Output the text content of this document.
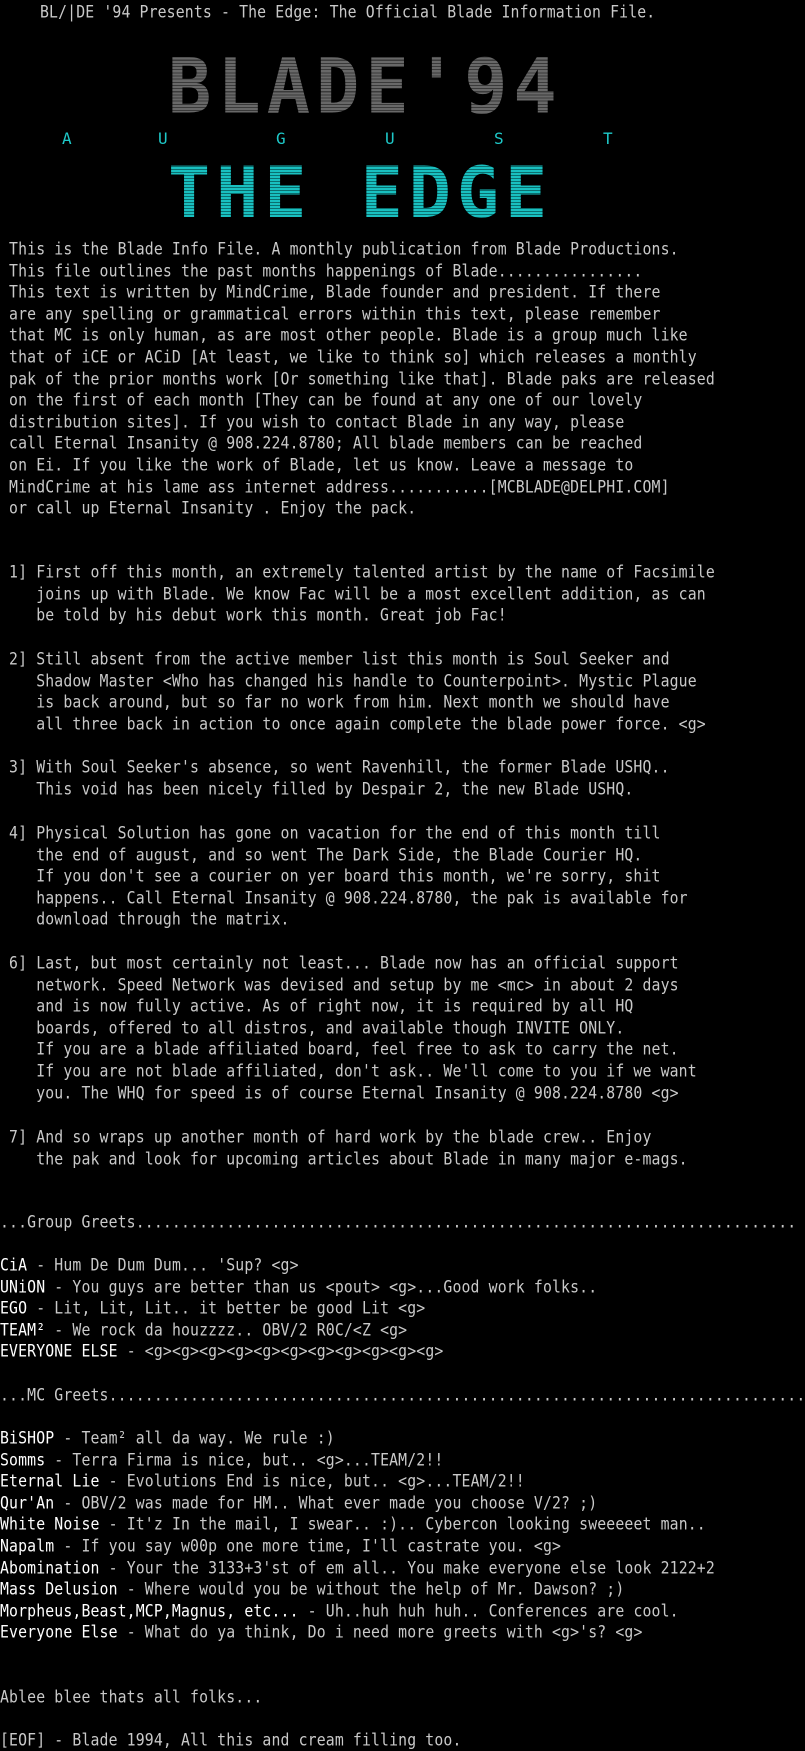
BL/|DE '94 Presents - The Edge: The Official Blade Information File.
BLADE'94
A	U	G	U	S	T
THE EDGE
This is the Blade Info File. A monthly publication from Blade Productions.
This file outlines the past months happenings of Blade................
This text is written by MindCrime, Blade founder and president. If there
are any spelling or grammatical errors within this text, please remember
that MC is only human, as are most other people. Blade is a group much like
that of iCE or ACiD [At least, we like to think so] which releases a monthly
pak of the prior months work [Or something like that]. Blade paks are released
on the first of each month [They can be found at any one of our lovely
distribution sites]. If you wish to contact Blade in any way, please
call Eternal Insanity @ 908.224.8780; All blade members can be reached
on Ei. If you like the work of Blade, let us know. Leave a message to
MindCrime at his lame ass internet address...........[MCBLADE@DELPHI.COM]
or call up Eternal Insanity . Enjoy the pack.
1] First off this month, an extremely talented artist by the name of Facsimile
joins up with Blade. We know Fac will be a most excellent addition, as can
be told by his debut work this month. Great job Fac!
2] Still absent from the active member list this month is Soul Seeker and
Shadow Master <Who has changed his handle to Counterpoint>. Mystic Plague
is back around, but so far no work from him. Next month we should have
all three back in action to once again complete the blade power force. <g>
3] With Soul Seeker's absence, so went Ravenhill, the former Blade USHQ..
This void has been nicely filled by Despair 2, the new Blade USHQ.
4] Physical Solution has gone on vacation for the end of this month till
the end of august, and so went The Dark Side, the Blade Courier HQ.
If you don't see a courier on yer board this month, we're sorry, shit
happens.. Call Eternal Insanity @ 908.224.8780, the pak is available for
download through the matrix.
6] Last, but most certainly not least... Blade now has an official support
network. Speed Network was devised and setup by me <mc> in about 2 days
and is now fully active. As of right now, it is required by all HQ
boards, offered to all distros, and available though INVITE ONLY.
If you are a blade affiliated board, feel free to ask to carry the net.
If you are not blade affiliated, don't ask.. We'll come to you if we want
you. The WHQ for speed is of course Eternal Insanity @ 908.224.8780 <g>
7] And so wraps up another month of hard work by the blade crew.. Enjoy
the pak and look for upcoming articles about Blade in many major e-mags.
...Group Greets.........................................................................
CiA - Hum De Dum Dum... 'Sup? <g>
UNiON - You guys are better than us <pout> <g>...Good work folks..
EGO - Lit, Lit, Lit.. it better be good Lit <g>
TEAM² - We rock da houzzzz.. OBV/2 R0C/<Z <g>
EVERYONE ELSE - <g><g><g><g><g><g><g><g><g><g><g>
...MC Greets.............................................................................
BiSHOP - Team² all da way. We rule :)
Somms - Terra Firma is nice, but.. <g>...TEAM/2!!
Eternal Lie - Evolutions End is nice, but.. <g>...TEAM/2!!
Qur'An - OBV/2 was made for HM.. What ever made you choose V/2? ;)
White Noise - It'z In the mail, I swear.. :).. Cybercon looking sweeeeet man..
Napalm - If you say w00p one more time, I'll castrate you. <g>
Abomination - Your the 3133+3'st of em all.. You make everyone else look 2122+2
Mass Delusion - Where would you be without the help of Mr. Dawson? ;)
Morpheus,Beast,MCP,Magnus, etc... - Uh..huh huh huh.. Conferences are cool.
Everyone Else - What do ya think, Do i need more greets with <g>'s? <g>
Ablee blee thats all folks...
[EOF] - Blade 1994, All this and cream filling too.
